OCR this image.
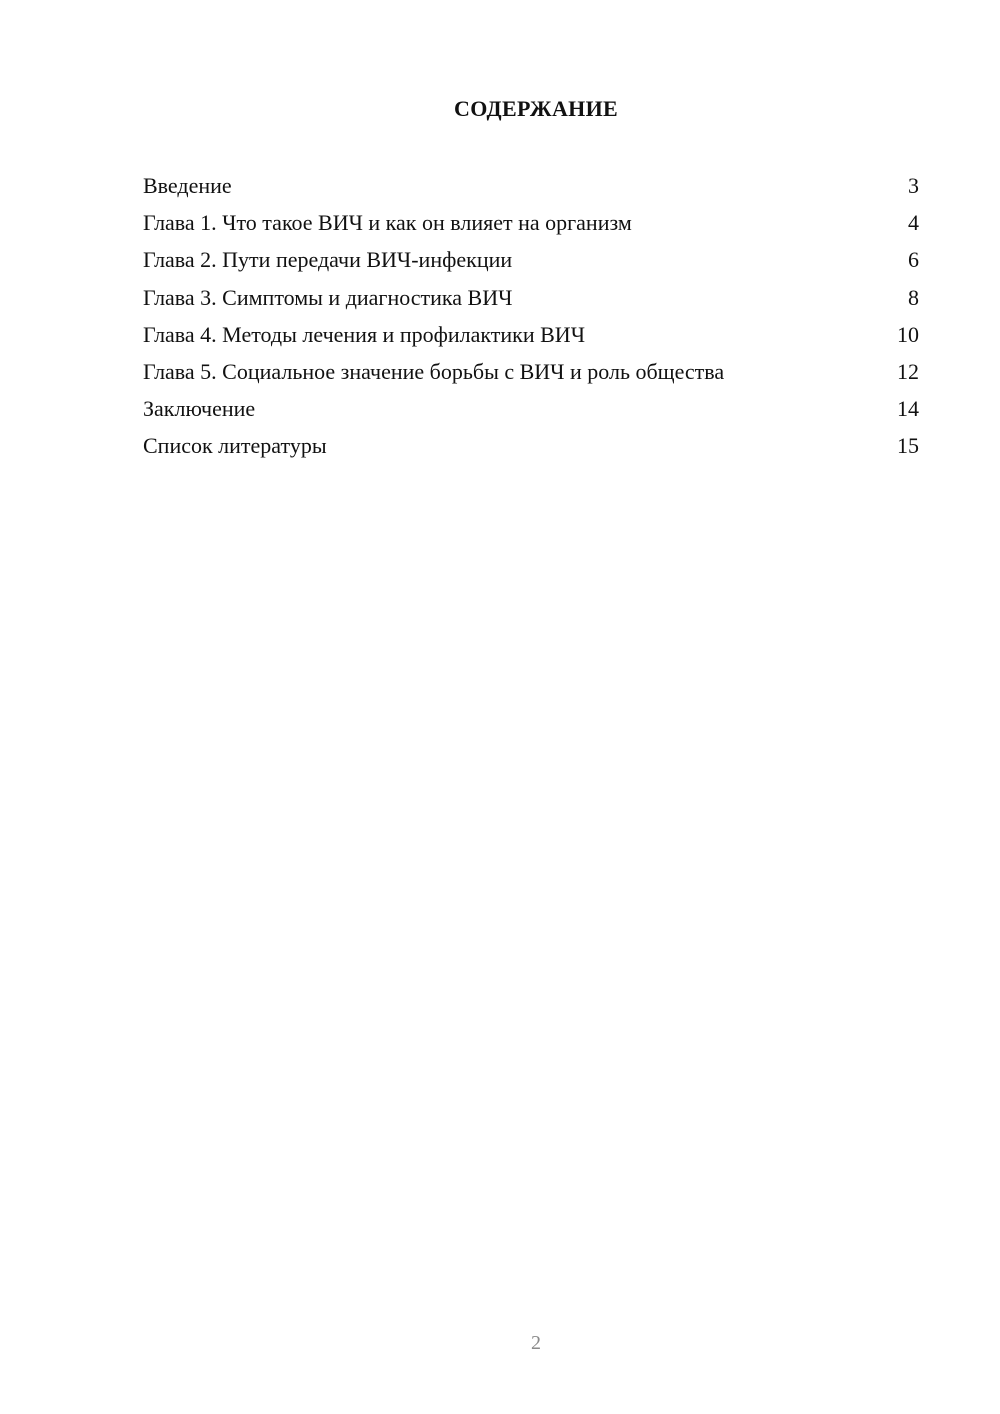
СОДЕРЖАНИЕ
Введение	3
Глава 1. Что такое ВИЧ и как он влияет на организм	4
Глава 2. Пути передачи ВИЧ-инфекции	6
Глава 3. Симптомы и диагностика ВИЧ	8
Глава 4. Методы лечения и профилактики ВИЧ	10
Глава 5. Социальное значение борьбы с ВИЧ и роль общества	12
Заключение	14
Список литературы	15
2
